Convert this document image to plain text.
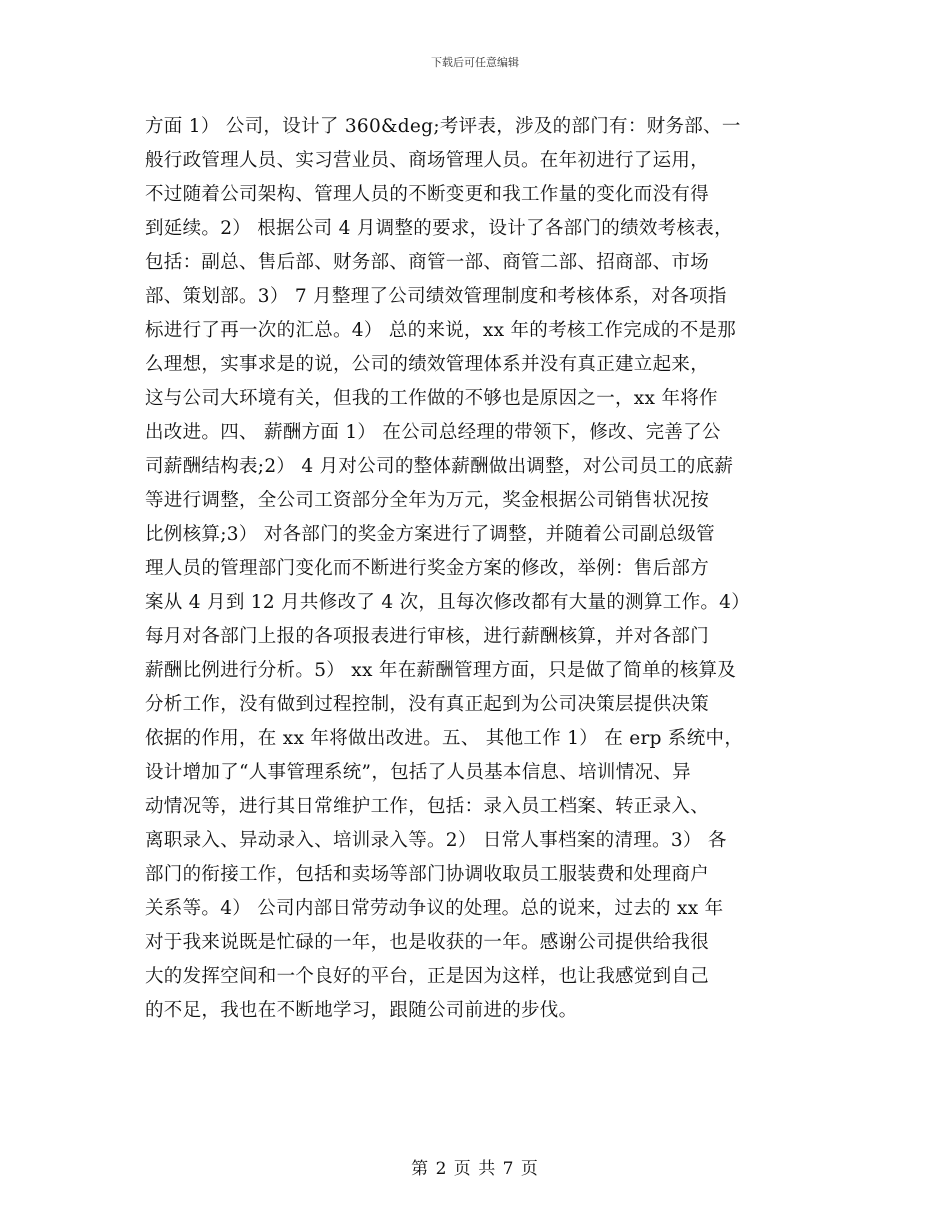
下载后可任意编辑
方面 1） 公司，设计了 360&deg;考评表，涉及的部门有：财务部、一
般行政管理人员、实习营业员、商场管理人员。在年初进行了运用，
不过随着公司架构、管理人员的不断变更和我工作量的变化而没有得
到延续。2） 根据公司 4 月调整的要求，设计了各部门的绩效考核表，
包括：副总、售后部、财务部、商管一部、商管二部、招商部、市场
部、策划部。3） 7 月整理了公司绩效管理制度和考核体系，对各项指
标进行了再一次的汇总。4） 总的来说，xx 年的考核工作完成的不是那
么理想，实事求是的说，公司的绩效管理体系并没有真正建立起来，
这与公司大环境有关，但我的工作做的不够也是原因之一，xx 年将作
出改进。四、 薪酬方面 1） 在公司总经理的带领下，修改、完善了公
司薪酬结构表;2） 4 月对公司的整体薪酬做出调整，对公司员工的底薪
等进行调整，全公司工资部分全年为万元，奖金根据公司销售状况按
比例核算;3） 对各部门的奖金方案进行了调整，并随着公司副总级管
理人员的管理部门变化而不断进行奖金方案的修改，举例：售后部方
案从 4 月到 12 月共修改了 4 次，且每次修改都有大量的测算工作。4）
每月对各部门上报的各项报表进行审核，进行薪酬核算，并对各部门
薪酬比例进行分析。5） xx 年在薪酬管理方面，只是做了简单的核算及
分析工作，没有做到过程控制，没有真正起到为公司决策层提供决策
依据的作用，在 xx 年将做出改进。五、 其他工作 1） 在 erp 系统中，
设计增加了“人事管理系统”，包括了人员基本信息、培训情况、异
动情况等，进行其日常维护工作，包括：录入员工档案、转正录入、
离职录入、异动录入、培训录入等。2） 日常人事档案的清理。3） 各
部门的衔接工作，包括和卖场等部门协调收取员工服装费和处理商户
关系等。4） 公司内部日常劳动争议的处理。总的说来，过去的 xx 年
对于我来说既是忙碌的一年，也是收获的一年。感谢公司提供给我很
大的发挥空间和一个良好的平台，正是因为这样，也让我感觉到自己
的不足，我也在不断地学习，跟随公司前进的步伐。
第 2 页 共 7 页
